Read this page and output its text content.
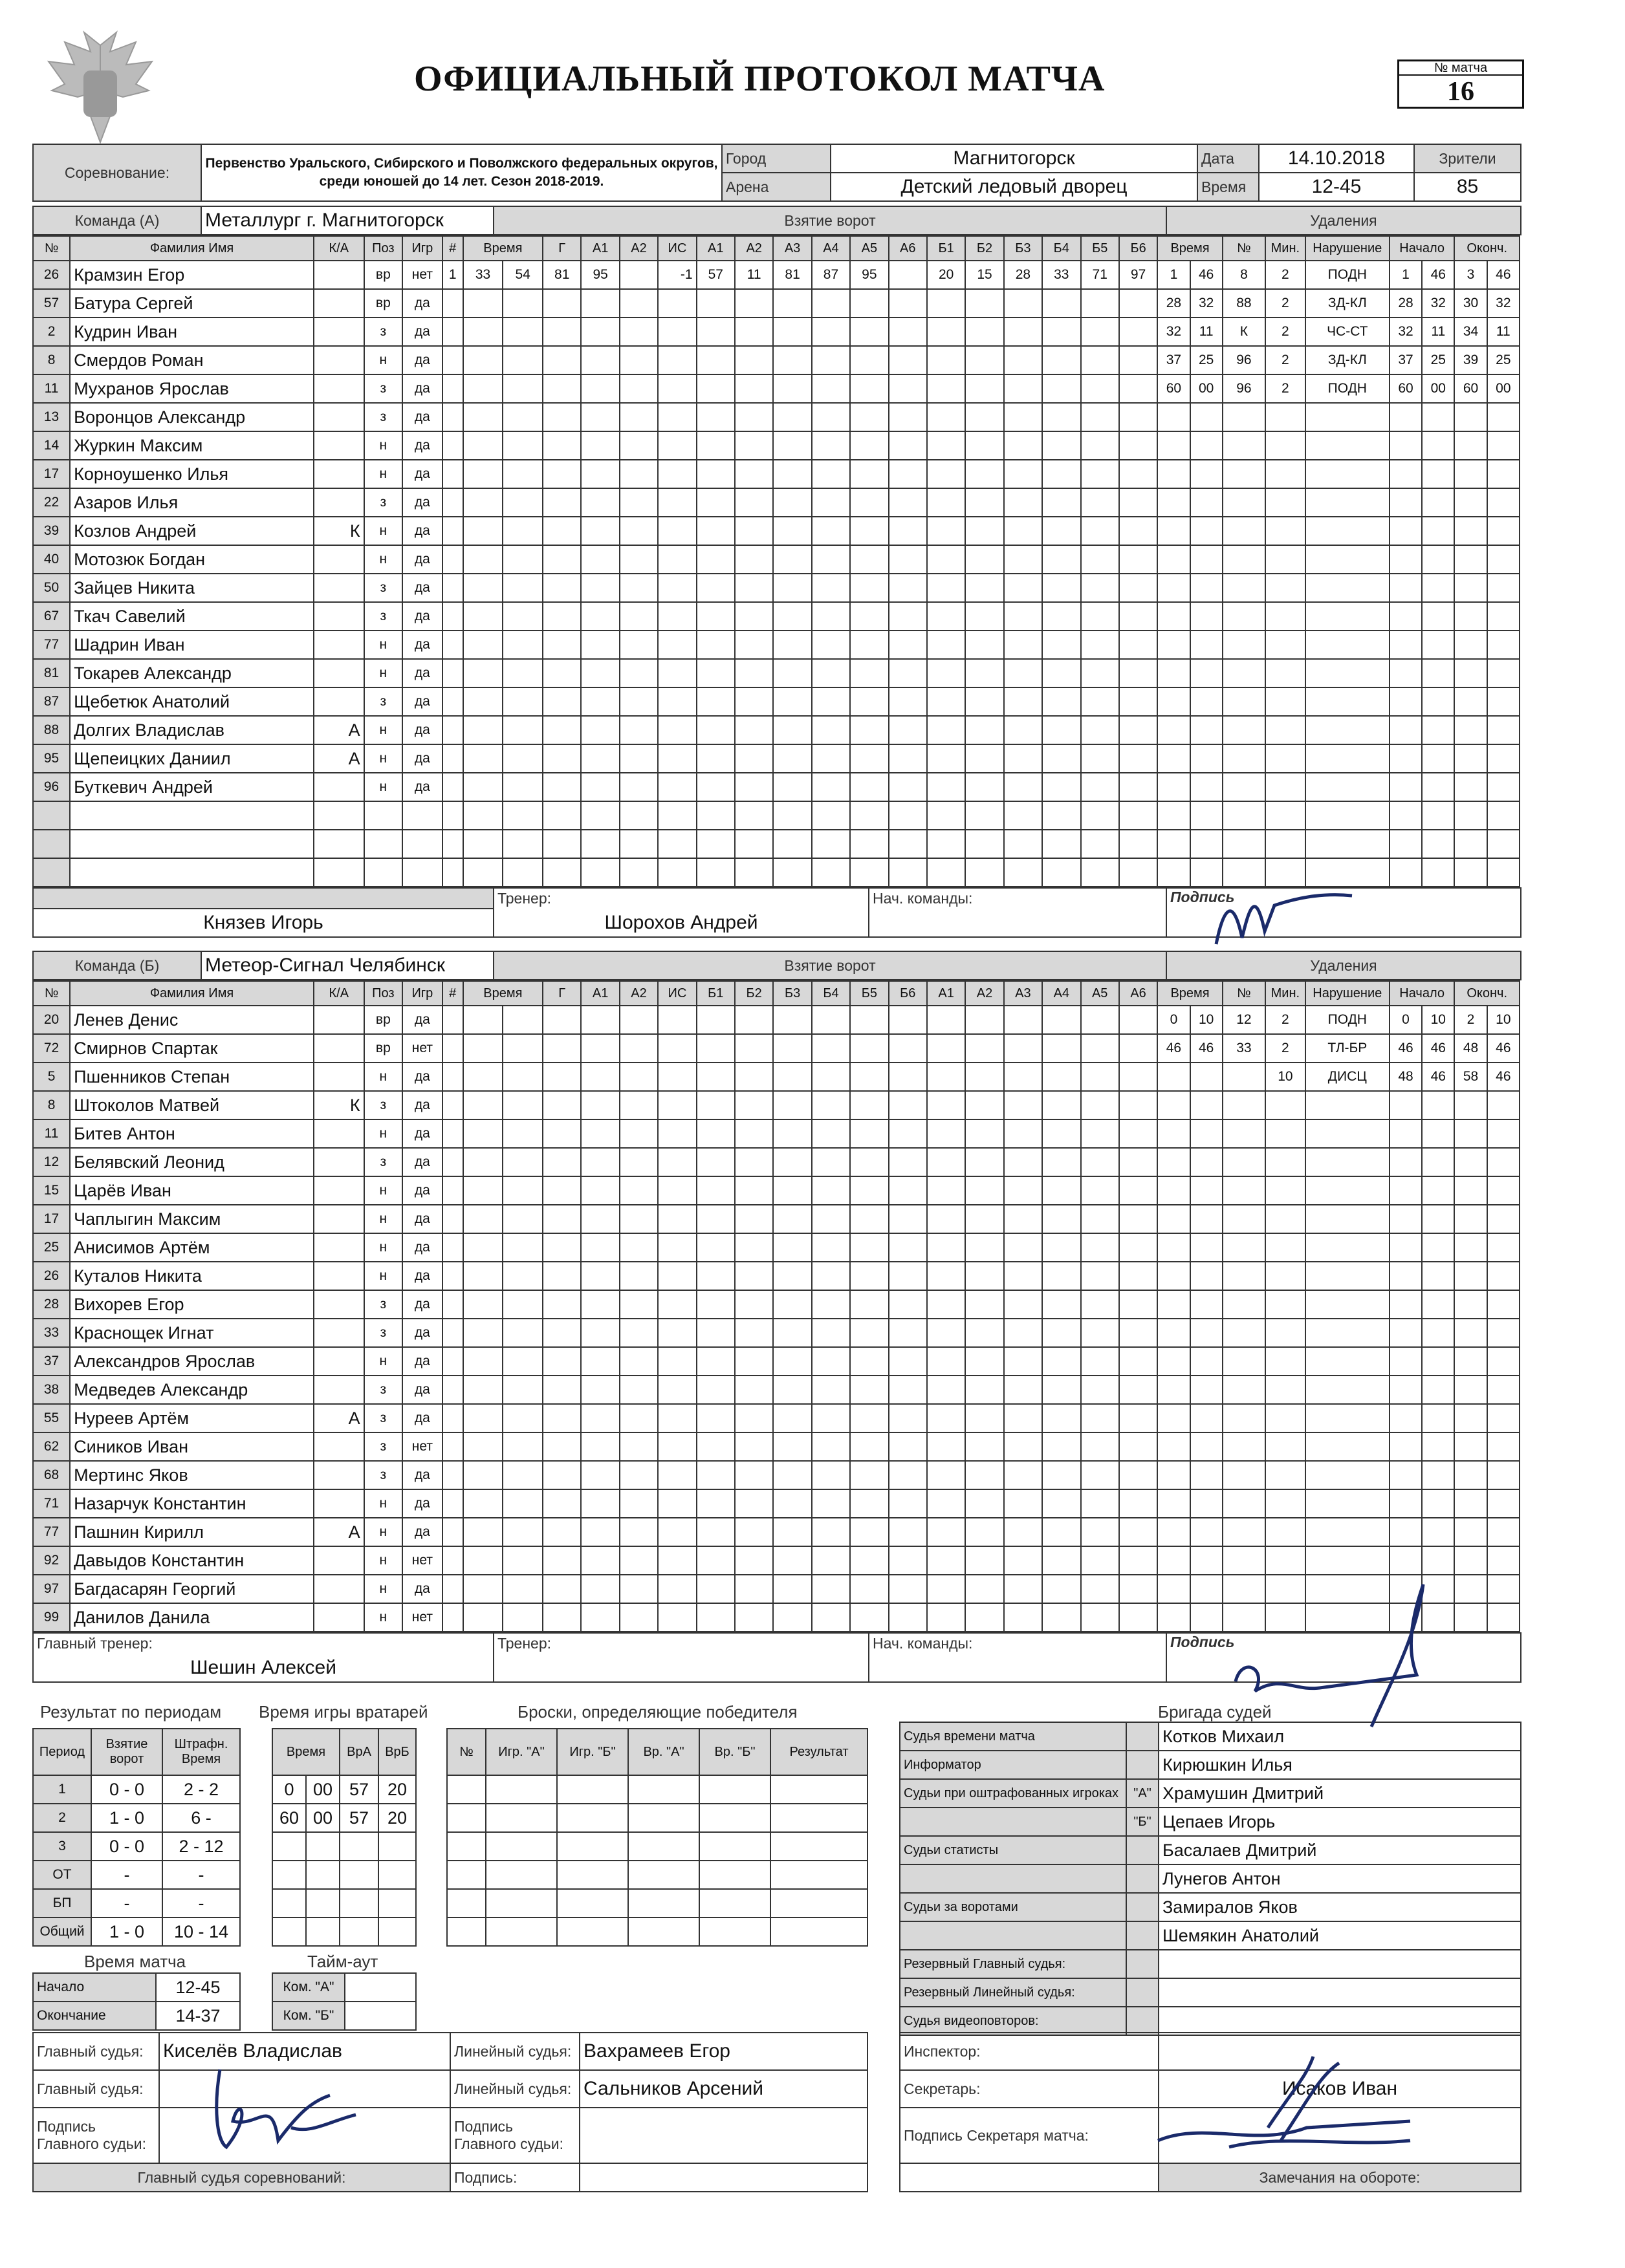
ОФИЦИАЛЬНЫЙ ПРОТОКОЛ МАТЧА	№ матча
16
Соревнование:	Первенство Уральского, Сибирского и Поволжского федеральных округов, среди юношей до 14 лет. Сезон 2018-2019.	Город	Магнитогорск	Дата	14.10.2018	Зрители
		Арена	Детский ледовый дворец	Время	12-45	85
Команда (А)	Металлург г. Магнитогорск	Взятие ворот	Удаления
№	Фамилия Имя	К/А	Поз	Игр	#	Время		Г	А1	А2	ИС	А1	А2	А3	А4	А5	А6	Б1	Б2	Б3	Б4	Б5	Б6	Время		№	Мин.	Нарушение	Начало		Оконч.	
26	Крамзин Егор		вр	нет	1	33	54	81	95		-1	57	11	81	87	95		20	15	28	33	71	97	1	46	8	2	ПОДН	1	46	3	46
57	Батура Сергей		вр	да																				28	32	88	2	ЗД-КЛ	28	32	30	32
2	Кудрин Иван		з	да																				32	11	К	2	ЧС-СТ	32	11	34	11
8	Смердов Роман		н	да																				37	25	96	2	ЗД-КЛ	37	25	39	25
11	Мухранов Ярослав		з	да																				60	00	96	2	ПОДН	60	00	60	00
13	Воронцов Александр		з	да																												
14	Журкин Максим		н	да																												
17	Корноушенко Илья		н	да																												
22	Азаров Илья		з	да																												
39	Козлов Андрей	К	н	да																												
40	Мотозюк Богдан		н	да																												
50	Зайцев Никита		з	да																												
67	Ткач Савелий		з	да																												
77	Шадрин Иван		н	да																												
81	Токарев Александр		н	да																												
87	Щебетюк Анатолий		з	да																												
88	Долгих Владислав	А	н	да																												
95	Щепеицких Даниил	А	н	да																												
96	Буткевич Андрей		н	да																												

	Тренер:	Нач. команды:	Подпись
Князев Игорь	Шорохов Андрей		
Команда (Б)	Метеор-Сигнал Челябинск	Взятие ворот	Удаления
№	Фамилия Имя	К/А	Поз	Игр	#	Время		Г	А1	А2	ИС	Б1	Б2	Б3	Б4	Б5	Б6	А1	А2	А3	А4	А5	А6	Время		№	Мин.	Нарушение	Начало		Оконч.	
20	Ленев Денис		вр	да																				0	10	12	2	ПОДН	0	10	2	10
72	Смирнов Спартак		вр	нет																				46	46	33	2	ТЛ-БР	46	46	48	46
5	Пшенников Степан		н	да																							10	ДИСЦ	48	46	58	46
8	Штоколов Матвей	К	з	да																												
11	Битев Антон		н	да																												
12	Белявский Леонид		з	да																												
15	Царёв Иван		н	да																												
17	Чаплыгин Максим		н	да																												
25	Анисимов Артём		н	да																												
26	Куталов Никита		н	да																												
28	Вихорев Егор		з	да																												
33	Краснощек Игнат		з	да																												
37	Александров Ярослав		н	да																												
38	Медведев Александр		з	да																												
55	Нуреев Артём	А	з	да																												
62	Сиников Иван		з	нет																												
68	Мертинс Яков		з	да																												
71	Назарчук Константин		н	да																												
77	Пашнин Кирилл	А	н	да																												
92	Давыдов Константин		н	нет																												
97	Багдасарян Георгий		н	да																												
99	Данилов Данила		н	нет																												
Главный тренер:	Тренер:	Нач. команды:	Подпись
Шешин Алексей			
Результат по периодам
Период	Взятие ворот	Штрафн. Время
1	0 - 0	2 - 2
2	1 - 0	6 -
3	0 - 0	2 - 12
ОТ	-	-
БП	-	-
Общий	1 - 0	10 - 14
Время игры вратарей
Время		ВрА	ВрБ
0	00	57	20
60	00	57	20

Броски, определяющие победителя
№	Игр. "А"	Игр. "Б"	Вр. "А"	Вр. "Б"	Результат

Время матча
Начало	12-45
Окончание	14-37
Тайм-аут
Ком. "А"	
Ком. "Б"	
Бригада судей
Судья времени матча		Котков Михаил
Информатор		Кирюшкин Илья
Судьи при оштрафованных игроках	"А"	Храмушин Дмитрий
	"Б"	Цепаев Игорь
Судьи статисты		Басалаев Дмитрий
		Лунегов Антон
Судьи за воротами		Замиралов Яков
		Шемякин Анатолий
Резервный Главный судья:		
Резервный Линейный судья:		
Судья видеоповторов:		
Главный судья:	Киселёв Владислав	Линейный судья:	Вахрамеев Егор
Главный судья:		Линейный судья:	Сальников Арсений
Подпись Главного судьи:		Подпись Главного судьи:	
Главный судья соревнований:		Подпись:	
Инспектор:	
Секретарь:	Исаков Иван
Подпись Секретаря матча:	
	Замечания на обороте:
